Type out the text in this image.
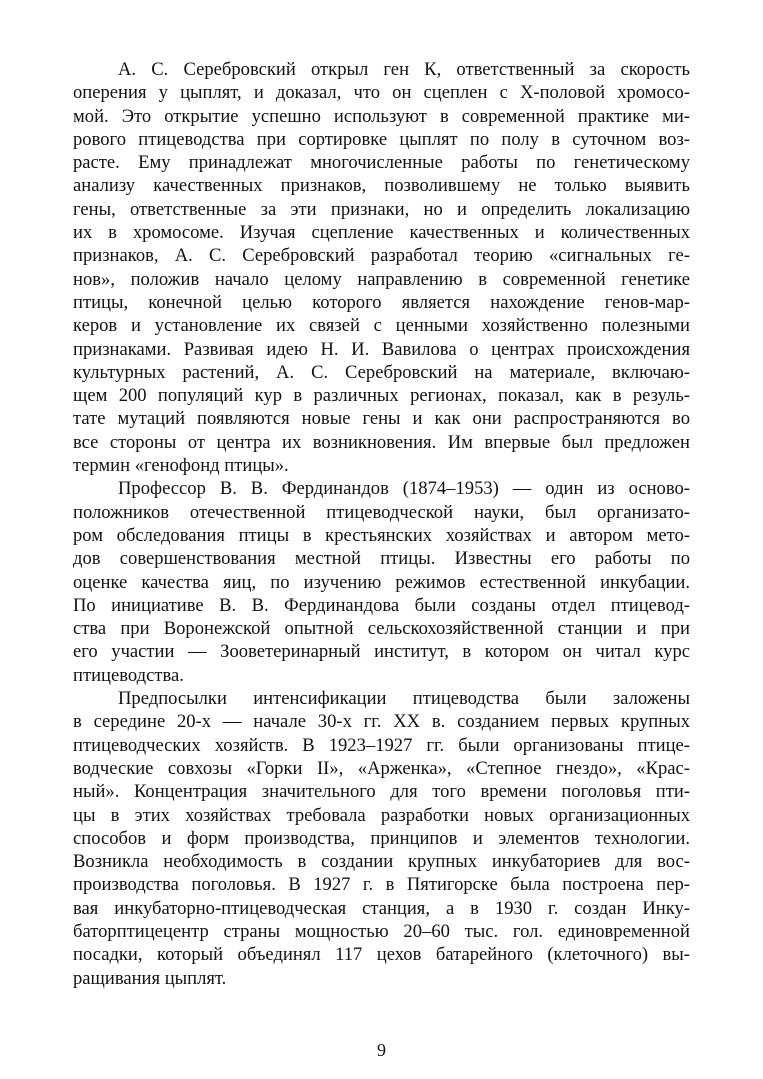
А. С. Серебровский открыл ген К, ответственный за скорость
оперения у цыплят, и доказал, что он сцеплен с Х-половой хромосо-
мой. Это открытие успешно используют в современной практике ми-
рового птицеводства при сортировке цыплят по полу в суточном воз-
расте. Ему принадлежат многочисленные работы по генетическому
анализу качественных признаков, позволившему не только выявить
гены, ответственные за эти признаки, но и определить локализацию
их в хромосоме. Изучая сцепление качественных и количественных
признаков, А. С. Серебровский разработал теорию «сигнальных ге-
нов», положив начало целому направлению в современной генетике
птицы, конечной целью которого является нахождение генов-мар-
керов и установление их связей с ценными хозяйственно полезными
признаками. Развивая идею Н. И. Вавилова о центрах происхождения
культурных растений, А. С. Серебровский на материале, включаю-
щем 200 популяций кур в различных регионах, показал, как в резуль-
тате мутаций появляются новые гены и как они распространяются во
все стороны от центра их возникновения. Им впервые был предложен
термин «генофонд птицы».
Профессор В. В. Фердинандов (1874–1953) — один из осново-
положников отечественной птицеводческой науки, был организато-
ром обследования птицы в крестьянских хозяйствах и автором мето-
дов совершенствования местной птицы. Известны его работы по
оценке качества яиц, по изучению режимов естественной инкубации.
По инициативе В. В. Фердинандова были созданы отдел птицевод-
ства при Воронежской опытной сельскохозяйственной станции и при
его участии — Зооветеринарный институт, в котором он читал курс
птицеводства.
Предпосылки интенсификации птицеводства были заложены
в середине 20-х — начале 30-х гг. XX в. созданием первых крупных
птицеводческих хозяйств. В 1923–1927 гг. были организованы птице-
водческие совхозы «Горки II», «Арженка», «Степное гнездо», «Крас-
ный». Концентрация значительного для того времени поголовья пти-
цы в этих хозяйствах требовала разработки новых организационных
способов и форм производства, принципов и элементов технологии.
Возникла необходимость в создании крупных инкубаториев для вос-
производства поголовья. В 1927 г. в Пятигорске была построена пер-
вая инкубаторно-птицеводческая станция, а в 1930 г. создан Инку-
баторптицецентр страны мощностью 20–60 тыс. гол. единовременной
посадки, который объединял 117 цехов батарейного (клеточного) вы-
ращивания цыплят.
9
